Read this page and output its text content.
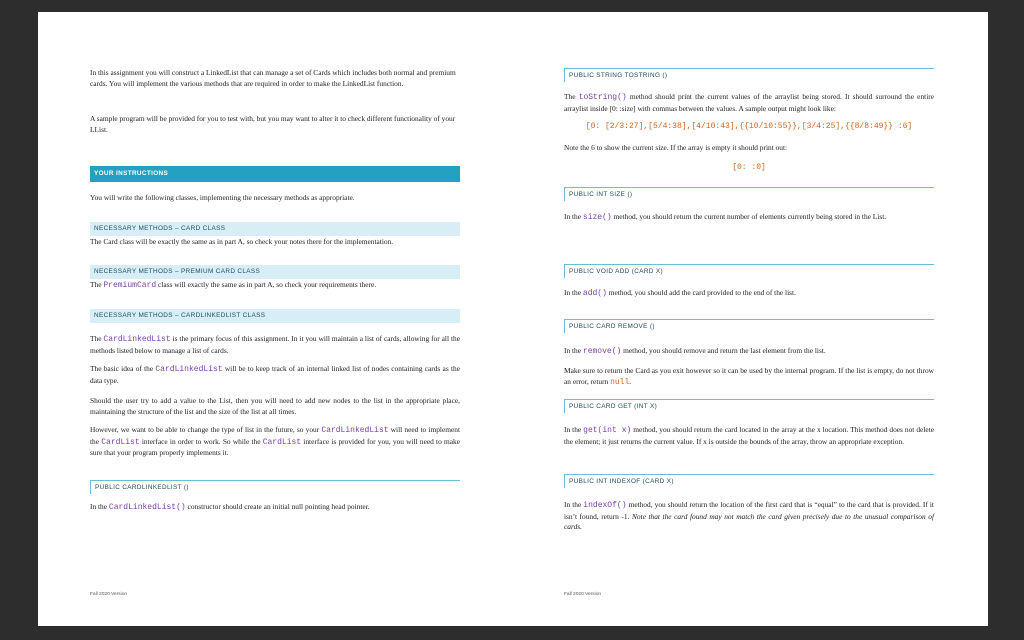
In this assignment you will construct a LinkedList that can manage a set of Cards which includes both normal and premium cards. You will implement the various methods that are required in order to make the LinkedList function.

A sample program will be provided for you to test with, but you may want to alter it to check different functionality of your LList.

YOUR INSTRUCTIONS

You will write the following classes, implementing the necessary methods as appropriate.

NECESSARY METHODS – CARD CLASS

The Card class will be exactly the same as in part A, so check your notes there for the implementation.

NECESSARY METHODS – PREMIUM CARD CLASS

The PremiumCard class will exactly the same as in part A, so check your requirements there.

NECESSARY METHODS – CARDLINKEDLIST CLASS

The CardLinkedList is the primary focus of this assignment. In it you will maintain a list of cards, allowing for all the methods listed below to manage a list of cards.

The basic idea of the CardLinkedList will be to keep track of an internal linked list of nodes containing cards as the data type.

Should the user try to add a value to the List, then you will need to add new nodes to the list in the appropriate place, maintaining the structure of the list and the size of the list at all times.

However, we want to be able to change the type of list in the future, so your CardLinkedList will need to implement the CardList interface in order to work. So while the CardList interface is provided for you, you will need to make sure that your program properly implements it.

PUBLIC CARDLINKEDLIST ()

In the CardLinkedList() constructor should create an initial null pointing head pointer.

Fall 2020 Version
PUBLIC STRING TOSTRING ()

The toString() method should print the current values of the arraylist being stored. It should surround the entire arraylist inside [0: :size] with commas between the values. A sample output might look like:

[0: [2/3:27],[5/4:38],[4/10:43],{{10/10:55}},[3/4:25],{{8/8:49}} :6]

Note the 6 to show the current size. If the array is empty it should print out:

[0: :0]
PUBLIC INT SIZE ()

In the size() method, you should return the current number of elements currently being stored in the List.

PUBLIC VOID ADD (CARD X)

In the add() method, you should add the card provided to the end of the list.

PUBLIC CARD REMOVE ()

In the remove() method, you should remove and return the last element from the list.

Make sure to return the Card as you exit however so it can be used by the internal program. If the list is empty, do not throw an error, return null.

PUBLIC CARD GET (INT X)

In the get(int x) method, you should return the card located in the array at the x location. This method does not delete the element; it just returns the current value. If x is outside the bounds of the array, throw an appropriate exception.

PUBLIC INT INDEXOF (CARD X)

In the indexOf() method, you should return the location of the first card that is “equal” to the card that is provided. If it isn’t found, return -1. Note that the card found may not match the card given precisely due to the unusual comparison of cards.

Fall 2020 Version
